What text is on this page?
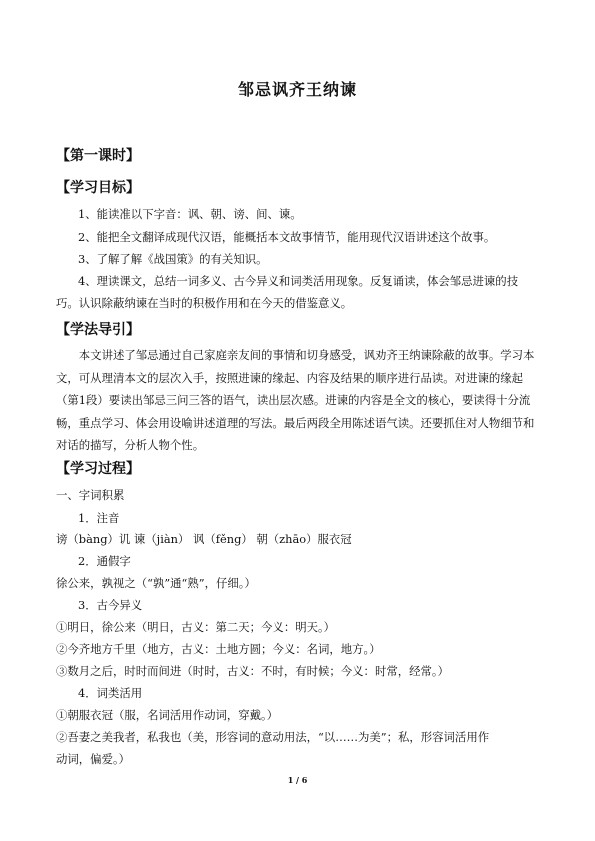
邹忌讽齐王纳谏
【第一课时】
【学习目标】
1、能读准以下字音：讽、朝、谤、间、谏。
2、能把全文翻译成现代汉语，能概括本文故事情节，能用现代汉语讲述这个故事。
3、了解了解《战国策》的有关知识。
4、理读课文，总结一词多义、古今异义和词类活用现象。反复诵读，体会邹忌进谏的技
巧。认识除蔽纳谏在当时的积极作用和在今天的借鉴意义。
【学法导引】
本文讲述了邹忌通过自己家庭亲友间的事情和切身感受，讽劝齐王纳谏除蔽的故事。学习本文，可从理清本文的层次入手，按照进谏的缘起、内容及结果的顺序进行品读。对进谏的缘起（第1段）要读出邹忌三问三答的语气，读出层次感。进谏的内容是全文的核心，要读得十分流畅，重点学习、体会用设喻讲述道理的写法。最后两段全用陈述语气读。还要抓住对人物细节和对话的描写，分析人物个性。
【学习过程】
一、字词积累
1．注音
谤（bàng）讥 谏（jiàn） 讽（fěng） 朝（zhāo）服衣冠
2．通假字
徐公来，孰视之（“孰”通“熟”，仔细。）
3．古今异义
①明日，徐公来（明日，古义：第二天；今义：明天。）
②今齐地方千里（地方，古义：土地方圆；今义：名词，地方。）
③数月之后，时时而间进（时时，古义：不时，有时候；今义：时常，经常。）
4．词类活用
①朝服衣冠（服，名词活用作动词，穿戴。）
②吾妻之美我者，私我也（美，形容词的意动用法，“以……为美”；私，形容词活用作
动词，偏爱。）
1 / 6
